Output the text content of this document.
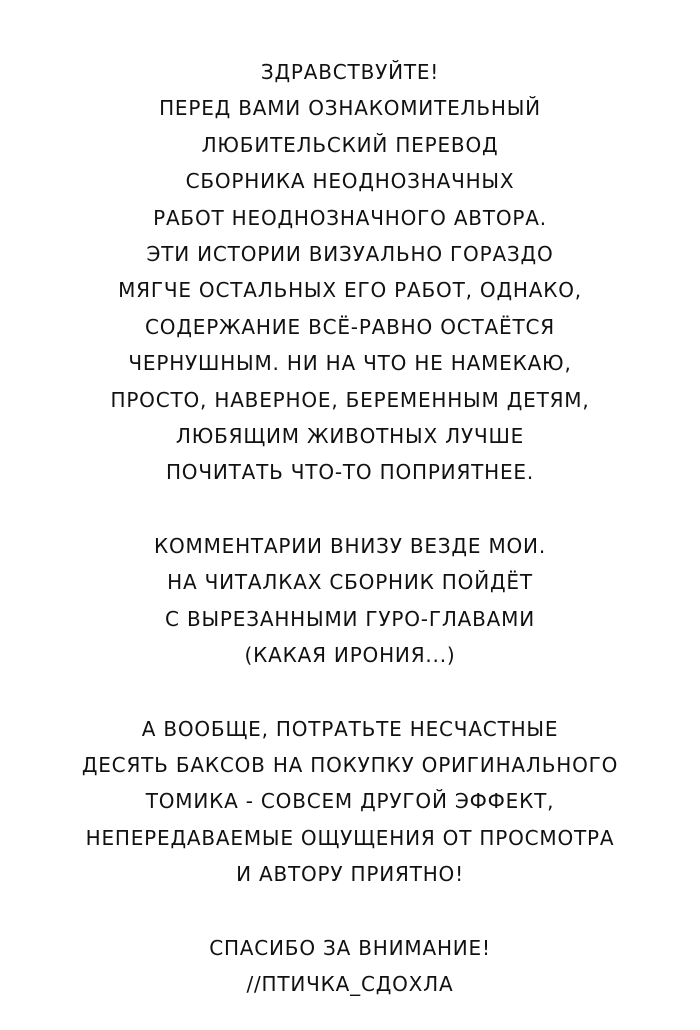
ЗДРАВСТВУЙТЕ!
ПЕРЕД ВАМИ ОЗНАКОМИТЕЛЬНЫЙ
ЛЮБИТЕЛЬСКИЙ ПЕРЕВОД
СБОРНИКА НЕОДНОЗНАЧНЫХ
РАБОТ НЕОДНОЗНАЧНОГО АВТОРА.
ЭТИ ИСТОРИИ ВИЗУАЛЬНО ГОРАЗДО
МЯГЧЕ ОСТАЛЬНЫХ ЕГО РАБОТ, ОДНАКО,
СОДЕРЖАНИЕ ВСЁ-РАВНО ОСТАЁТСЯ
ЧЕРНУШНЫМ. НИ НА ЧТО НЕ НАМЕКАЮ,
ПРОСТО, НАВЕРНОЕ, БЕРЕМЕННЫМ ДЕТЯМ,
ЛЮБЯЩИМ ЖИВОТНЫХ ЛУЧШЕ
ПОЧИТАТЬ ЧТО-ТО ПОПРИЯТНЕЕ.
КОММЕНТАРИИ ВНИЗУ ВЕЗДЕ МОИ.
НА ЧИТАЛКАХ СБОРНИК ПОЙДЁТ
С ВЫРЕЗАННЫМИ ГУРО-ГЛАВАМИ
(КАКАЯ ИРОНИЯ...)
А ВООБЩЕ, ПОТРАТЬТЕ НЕСЧАСТНЫЕ
ДЕСЯТЬ БАКСОВ НА ПОКУПКУ ОРИГИНАЛЬНОГО
ТОМИКА - СОВСЕМ ДРУГОЙ ЭФФЕКТ,
НЕПЕРЕДАВАЕМЫЕ ОЩУЩЕНИЯ ОТ ПРОСМОТРА
И АВТОРУ ПРИЯТНО!
СПАСИБО ЗА ВНИМАНИЕ!
//ПТИЧКА_СДОХЛА
